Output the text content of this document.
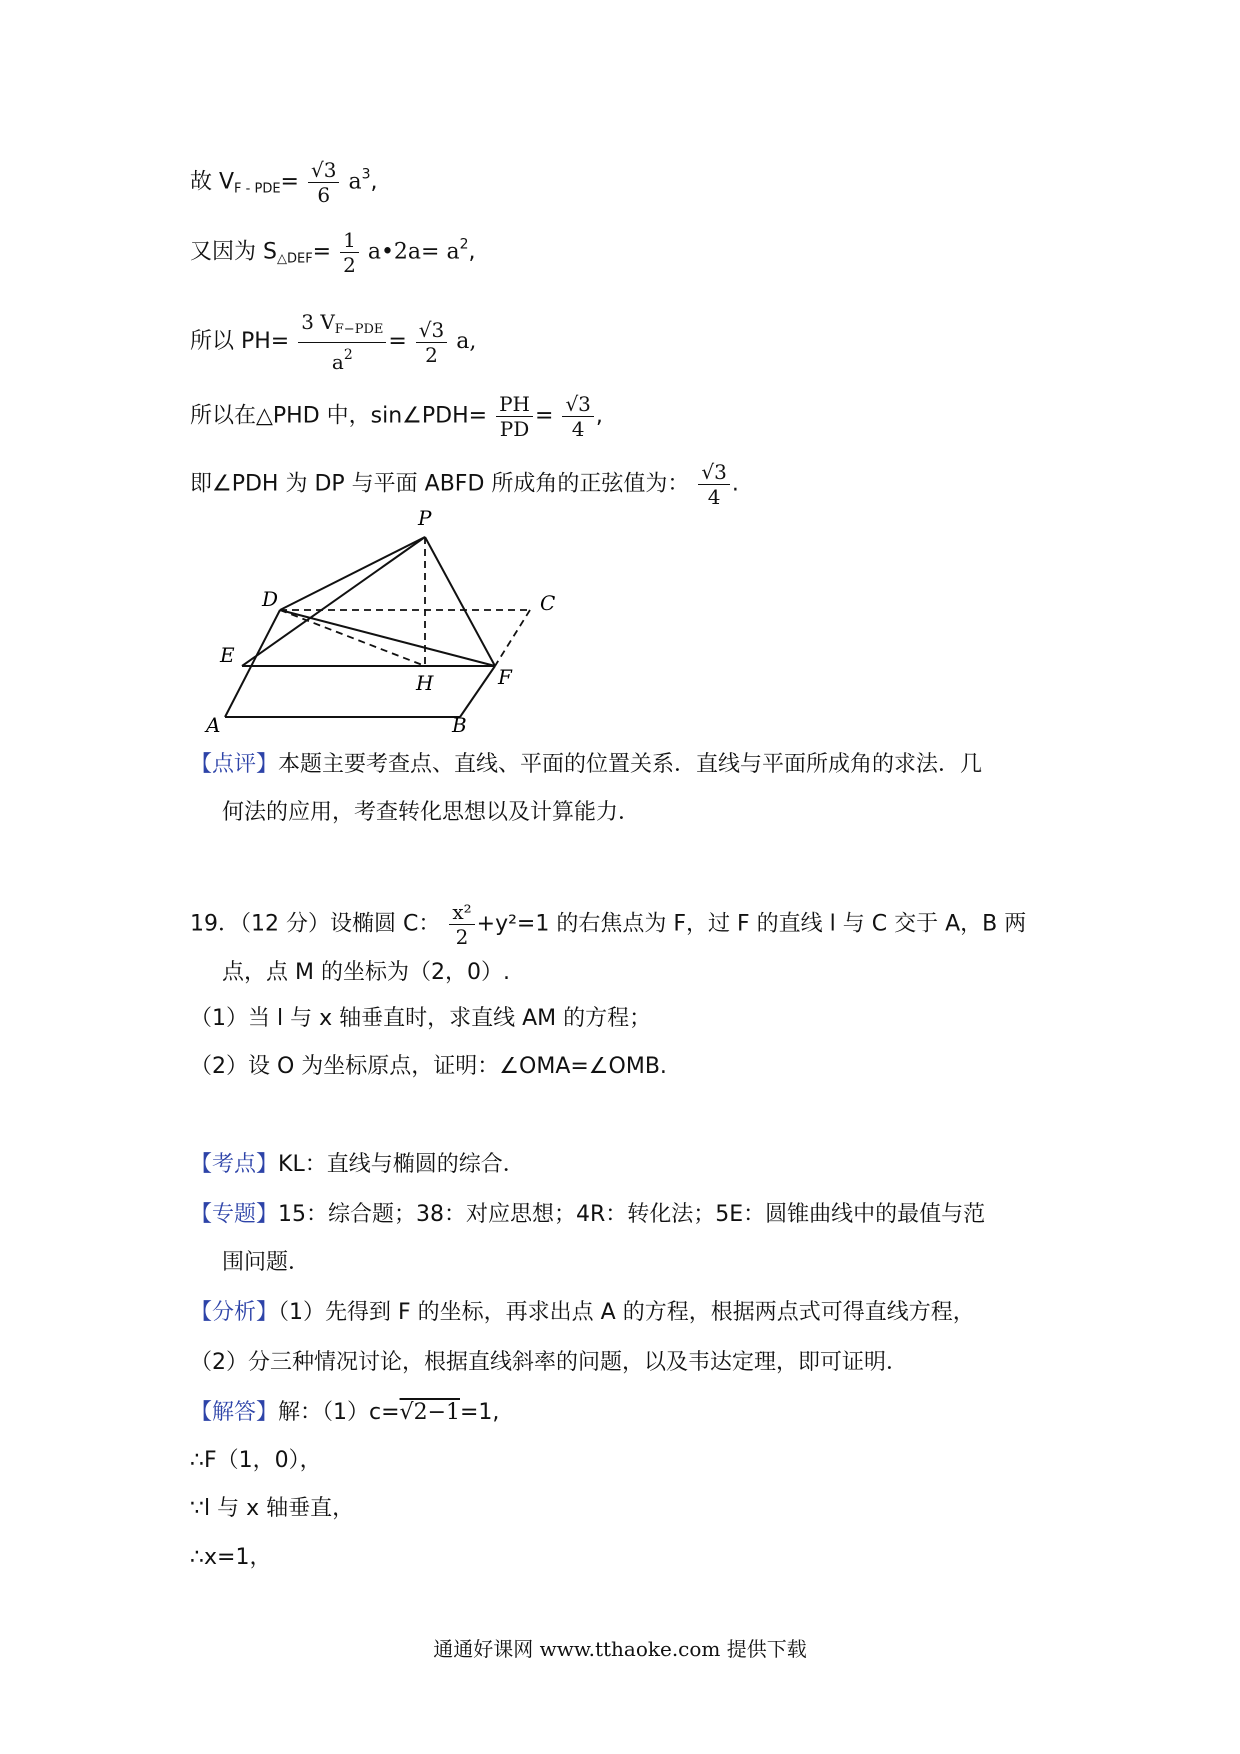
故 $V_{F - PDE}= \frac{√3}{6} a^3$,
又因为 $S_{\triangle DEF}= \frac{1}{2}$ a•2a= $a^2$,
所以 $PH= \frac{3 V_{F-PDE}}{a^2} = \frac{√3}{2} a$,
所以在△PHD 中，sin∠PDH= $\frac{PH}{PD} = \frac{√3}{4}$ ,
即∠PDH 为 DP 与平面 ABFD 所成角的正弦值为： $\frac{√3}{4}$ .
P
D	C
E
H	F
A	B
【点评】本题主要考查点、直线、平面的位置关系．直线与平面所成角的求法．几
何法的应用，考查转化思想以及计算能力．
19．（12 分）设椭圆 C： $\frac{\text{x²}}{2} +y^2=1$ 的右焦点为 F，过 F 的直线 l 与 C 交于 A，B 两
点，点 M 的坐标为（2，0）.
（1）当 l 与 x 轴垂直时，求直线 AM 的方程；
（2）设 O 为坐标原点，证明：∠OMA=∠OMB.
【考点】KL：直线与椭圆的综合．
【专题】15：综合题；38：对应思想；4R：转化法；5E：圆锥曲线中的最值与范
围问题．
【分析】（1）先得到 F 的坐标，再求出点 A 的方程，根据两点式可得直线方程，
（2）分三种情况讨论，根据直线斜率的问题，以及韦达定理，即可证明．
【解答】解：（1）c=√2−1=1,
∴F（1，0），
∵l 与 x 轴垂直，
∴x=1，
通通好课网 www.tthaoke.com 提供下载
